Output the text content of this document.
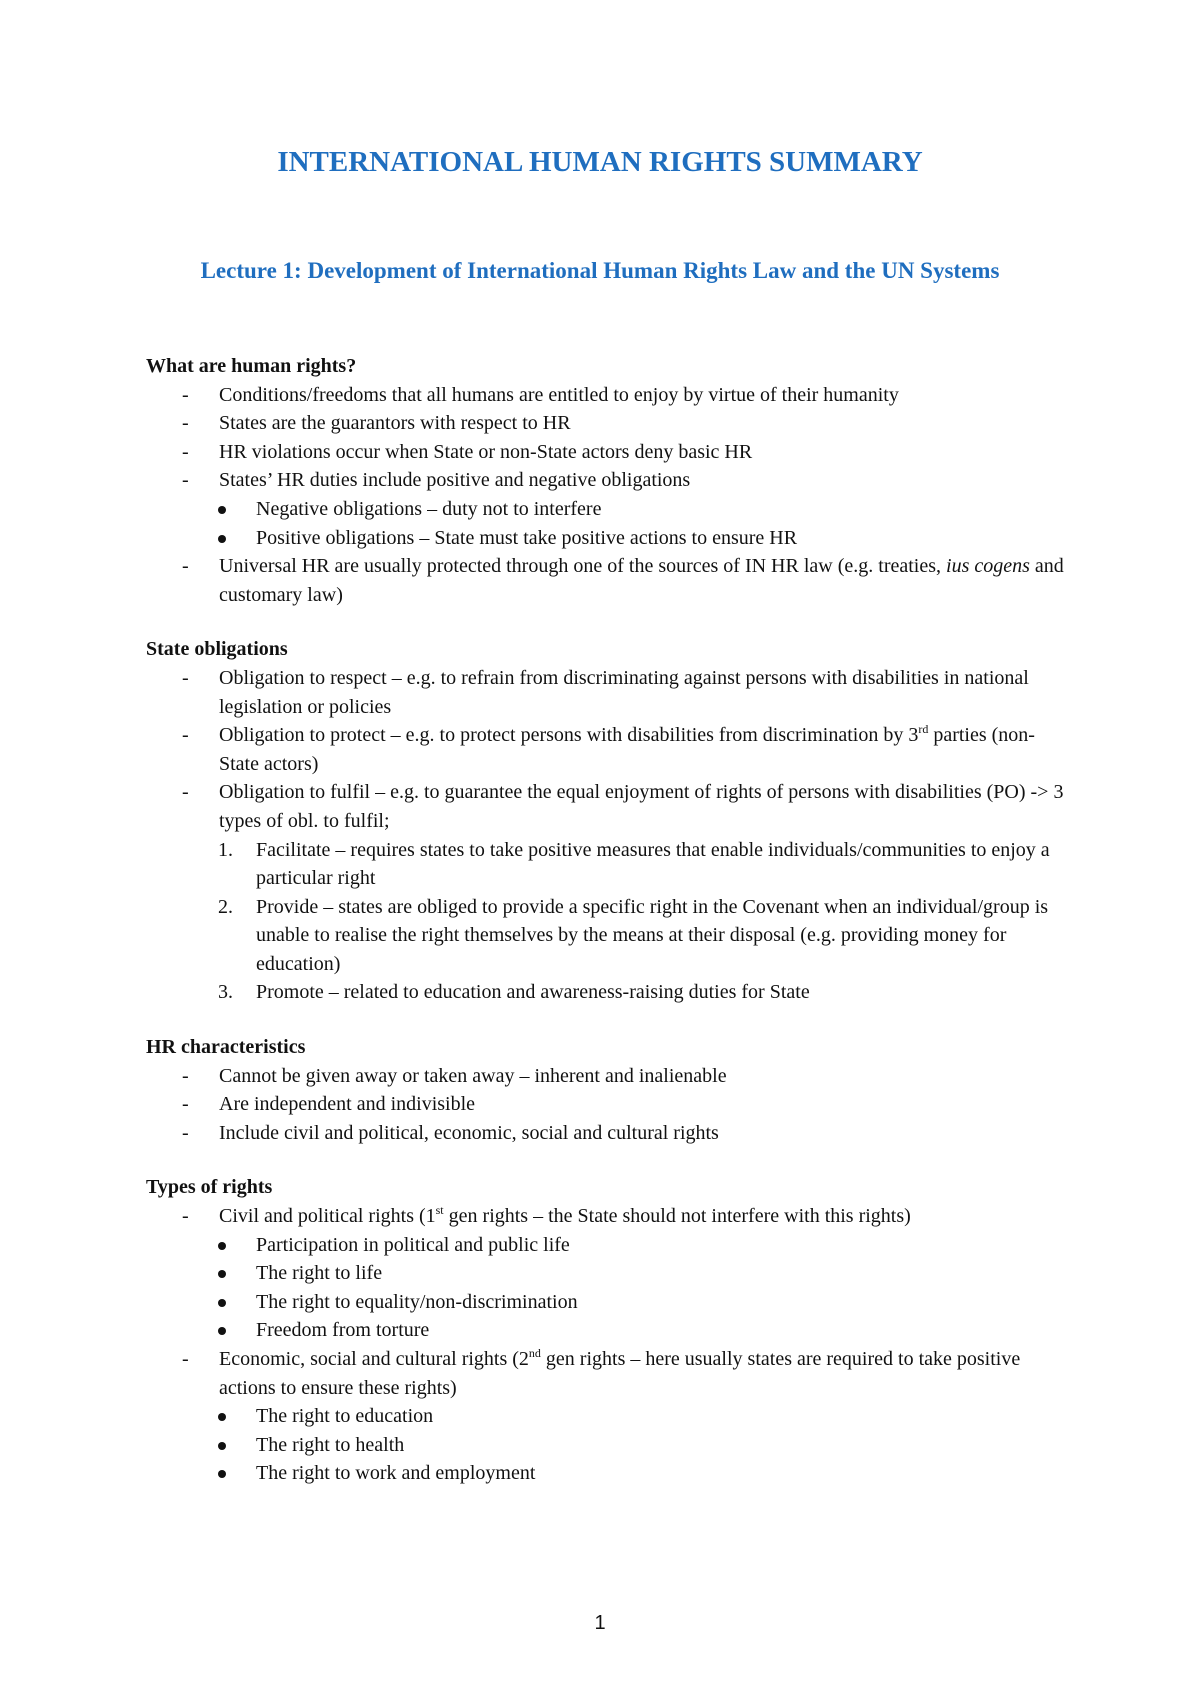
INTERNATIONAL HUMAN RIGHTS SUMMARY
Lecture 1: Development of International Human Rights Law and the UN Systems

What are human rights?

- Conditions/freedoms that all humans are entitled to enjoy by virtue of their humanity
- States are the guarantors with respect to HR
- HR violations occur when State or non-State actors deny basic HR
- States’ HR duties include positive and negative obligations
Negative obligations – duty not to interfere
Positive obligations – State must take positive actions to ensure HR
- Universal HR are usually protected through one of the sources of IN HR law (e.g. treaties, ius cogens and customary law)

State obligations

- Obligation to respect – e.g. to refrain from discriminating against persons with disabilities in national legislation or policies
- Obligation to protect – e.g. to protect persons with disabilities from discrimination by 3rd parties (non-State actors)
- Obligation to fulfil – e.g. to guarantee the equal enjoyment of rights of persons with disabilities (PO) -> 3 types of obl. to fulfil;
1. Facilitate – requires states to take positive measures that enable individuals/communities to enjoy a particular right
2. Provide – states are obliged to provide a specific right in the Covenant when an individual/group is unable to realise the right themselves by the means at their disposal (e.g. providing money for education)
3. Promote – related to education and awareness-raising duties for State

HR characteristics

- Cannot be given away or taken away – inherent and inalienable
- Are independent and indivisible
- Include civil and political, economic, social and cultural rights

Types of rights

- Civil and political rights (1st gen rights – the State should not interfere with this rights)
Participation in political and public life
The right to life
The right to equality/non-discrimination
Freedom from torture
- Economic, social and cultural rights (2nd gen rights – here usually states are required to take positive actions to ensure these rights)
The right to education
The right to health
The right to work and employment
1
